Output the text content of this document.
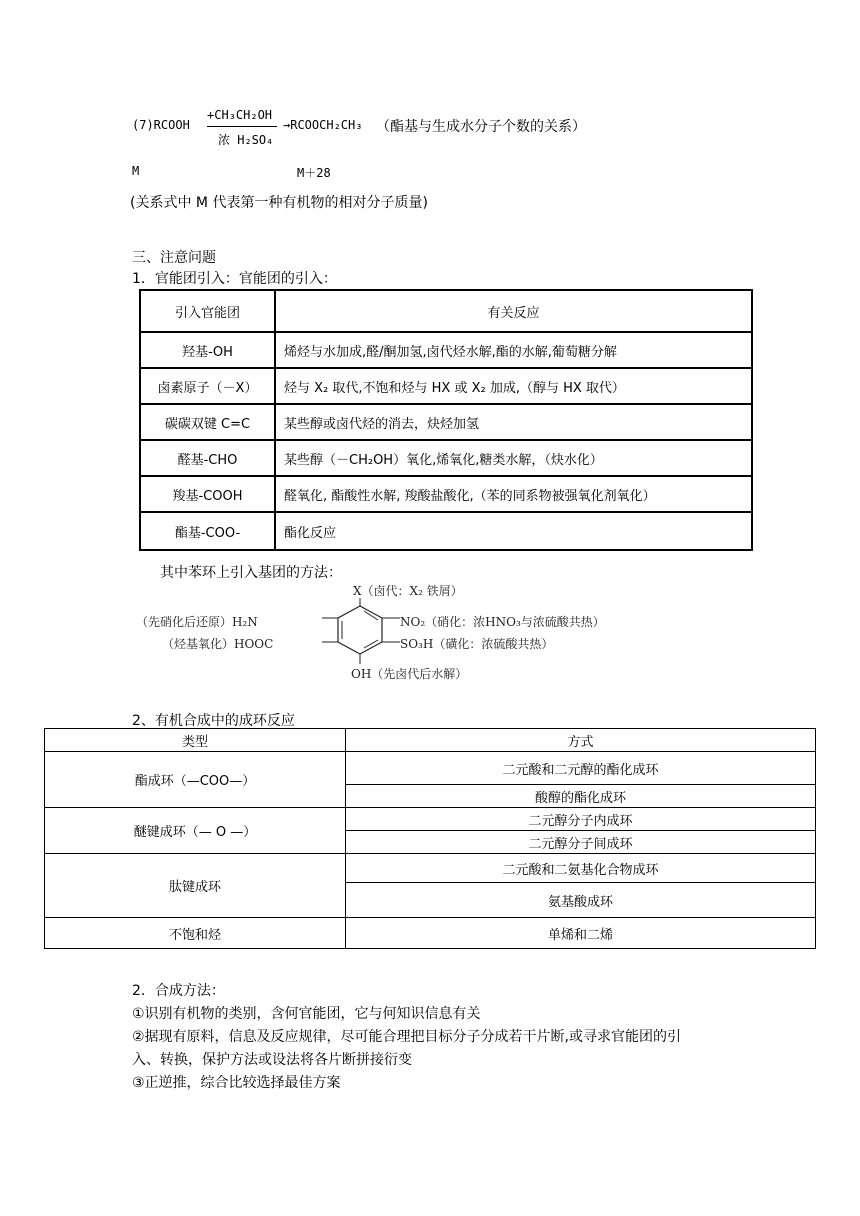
(7)RCOOH
+CH₃CH₂OH
浓 H₂SO₄
→RCOOCH₂CH₃ （酯基与生成水分子个数的关系）
M	M＋28
(关系式中 M 代表第一种有机物的相对分子质量)
三、注意问题
1．官能团引入：官能团的引入：
引入官能团	有关反应
羟基-OH	烯烃与水加成,醛/酮加氢,卤代烃水解,酯的水解,葡萄糖分解
卤素原子（－X）	烃与 X₂ 取代,不饱和烃与 HX 或 X₂ 加成,（醇与 HX 取代）
碳碳双键 C=C	某些醇或卤代烃的消去，炔烃加氢
醛基-CHO	某些醇（－CH₂OH）氧化,烯氧化,糖类水解，（炔水化）
羧基-COOH	醛氧化, 酯酸性水解, 羧酸盐酸化,（苯的同系物被强氧化剂氧化）
酯基-COO-	酯化反应
其中苯环上引入基团的方法：
X（卤代：X₂ 铁屑）
（先硝化后还原）H₂N	NO₂（硝化：浓HNO₃与浓硫酸共热）
（烃基氧化）HOOC	SO₃H（磺化：浓硫酸共热）
OH（先卤代后水解）
2、有机合成中的成环反应
类型	方式
酯成环（—COO—）	二元酸和二元醇的酯化成环
	酸醇的酯化成环
醚键成环（— O —）	二元醇分子内成环
	二元醇分子间成环
肽键成环	二元酸和二氨基化合物成环
	氨基酸成环
不饱和烃	单烯和二烯
2．合成方法：
①识别有机物的类别，含何官能团，它与何知识信息有关
②据现有原料，信息及反应规律，尽可能合理把目标分子分成若干片断,或寻求官能团的引
入、转换，保护方法或设法将各片断拼接衍变
③正逆推，综合比较选择最佳方案
